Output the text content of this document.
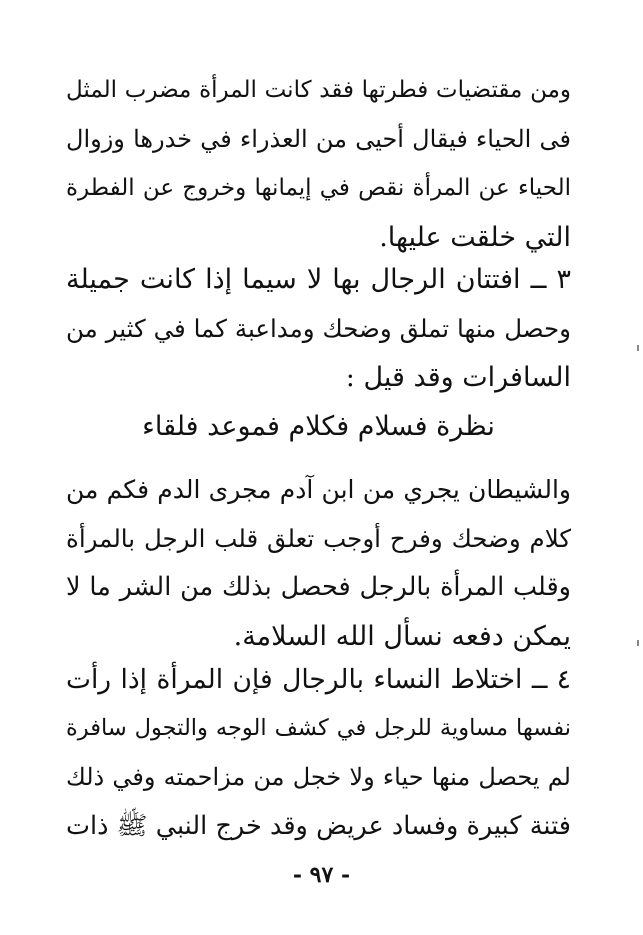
ومن مقتضيات فطرتها فقد كانت المرأة مضرب المثل
فى الحياء فيقال أحيى من العذراء في خدرها وزوال
الحياء عن المرأة نقص في إيمانها وخروج عن الفطرة
التي خلقت عليها.
٣ ــ افتتان الرجال بها لا سيما إذا كانت جميلة
وحصل منها تملق وضحك ومداعبة كما في كثير من
السافرات وقد قيل :
نظرة فسلام فكلام فموعد فلقاء
والشيطان يجري من ابن آدم مجرى الدم فكم من
كلام وضحك وفرح أوجب تعلق قلب الرجل بالمرأة
وقلب المرأة بالرجل فحصل بذلك من الشر ما لا
يمكن دفعه نسأل الله السلامة.
٤ ــ اختلاط النساء بالرجال فإن المرأة إذا رأت
نفسها مساوية للرجل في كشف الوجه والتجول سافرة
لم يحصل منها حياء ولا خجل من مزاحمته وفي ذلك
فتنة كبيرة وفساد عريض وقد خرج النبي ﷺ ذات
- ٩٧ -
